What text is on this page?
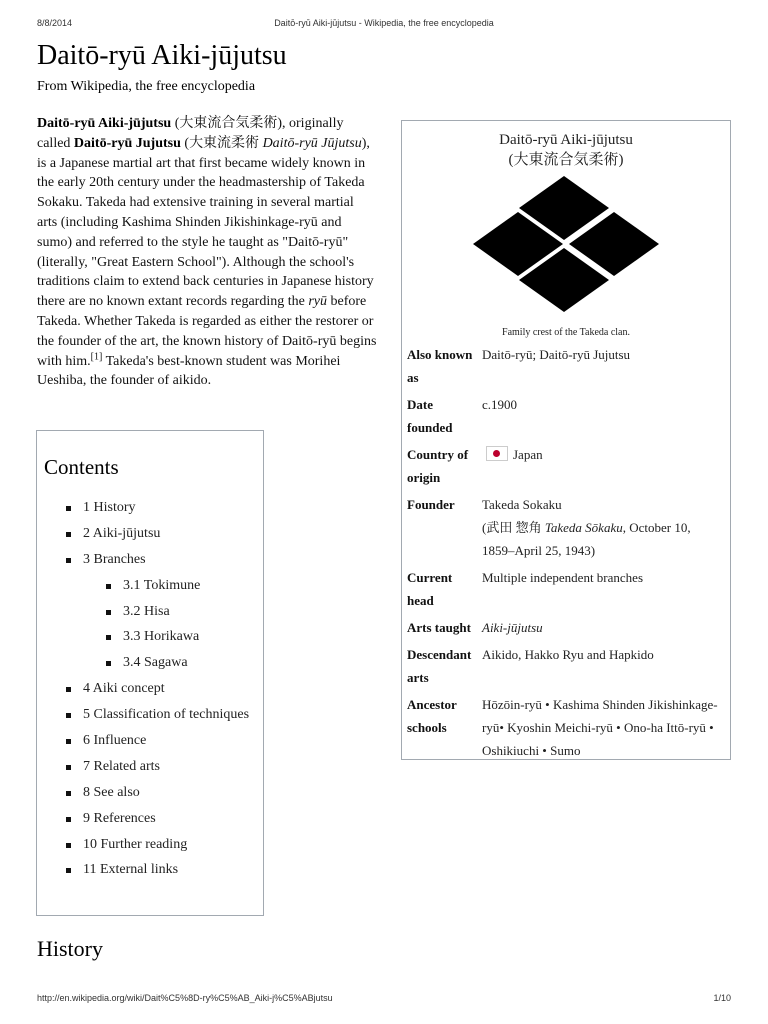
8/8/2014	Daitō-ryū Aiki-jūjutsu - Wikipedia, the free encyclopedia
Daitō-ryū Aiki-jūjutsu
From Wikipedia, the free encyclopedia
Daitō-ryū Aiki-jūjutsu (大東流合気柔術), originally called Daitō-ryū Jujutsu (大東流柔術 Daitō-ryū Jūjutsu), is a Japanese martial art that first became widely known in the early 20th century under the headmastership of Takeda Sokaku. Takeda had extensive training in several martial arts (including Kashima Shinden Jikishinkage-ryū and sumo) and referred to the style he taught as "Daitō-ryū" (literally, "Great Eastern School"). Although the school's traditions claim to extend back centuries in Japanese history there are no known extant records regarding the ryū before Takeda. Whether Takeda is regarded as either the restorer or the founder of the art, the known history of Daitō-ryū begins with him.[1] Takeda's best-known student was Morihei Ueshiba, the founder of aikido.
Daitō-ryū Aiki-jūjutsu
(大東流合気柔術)
Family crest of the Takeda clan.
Also known as	Daitō-ryū; Daitō-ryū Jujutsu
Date founded	c.1900
Country of origin	Japan
Founder	Takeda Sokaku
(武田 惣角 Takeda Sōkaku, October 10, 1859–April 25, 1943)

Current head	Multiple independent branches
Arts taught	Aiki-jūjutsu
Descendant arts	Aikido, Hakko Ryu and Hapkido
Ancestor schools	Hōzōin-ryū • Kashima Shinden Jikishinkage-ryū• Kyoshin Meichi-ryū • Ono-ha Ittō-ryū • Oshikiuchi • Sumo
Contents
1 History
2 Aiki-jūjutsu
3 Branches
3.1 Tokimune
3.2 Hisa
3.3 Horikawa
3.4 Sagawa
4 Aiki concept
5 Classification of techniques
6 Influence
7 Related arts
8 See also
9 References
10 Further reading
11 External links
History
http://en.wikipedia.org/wiki/Dait%C5%8D-ry%C5%AB_Aiki-j%C5%ABjutsu	1/10
